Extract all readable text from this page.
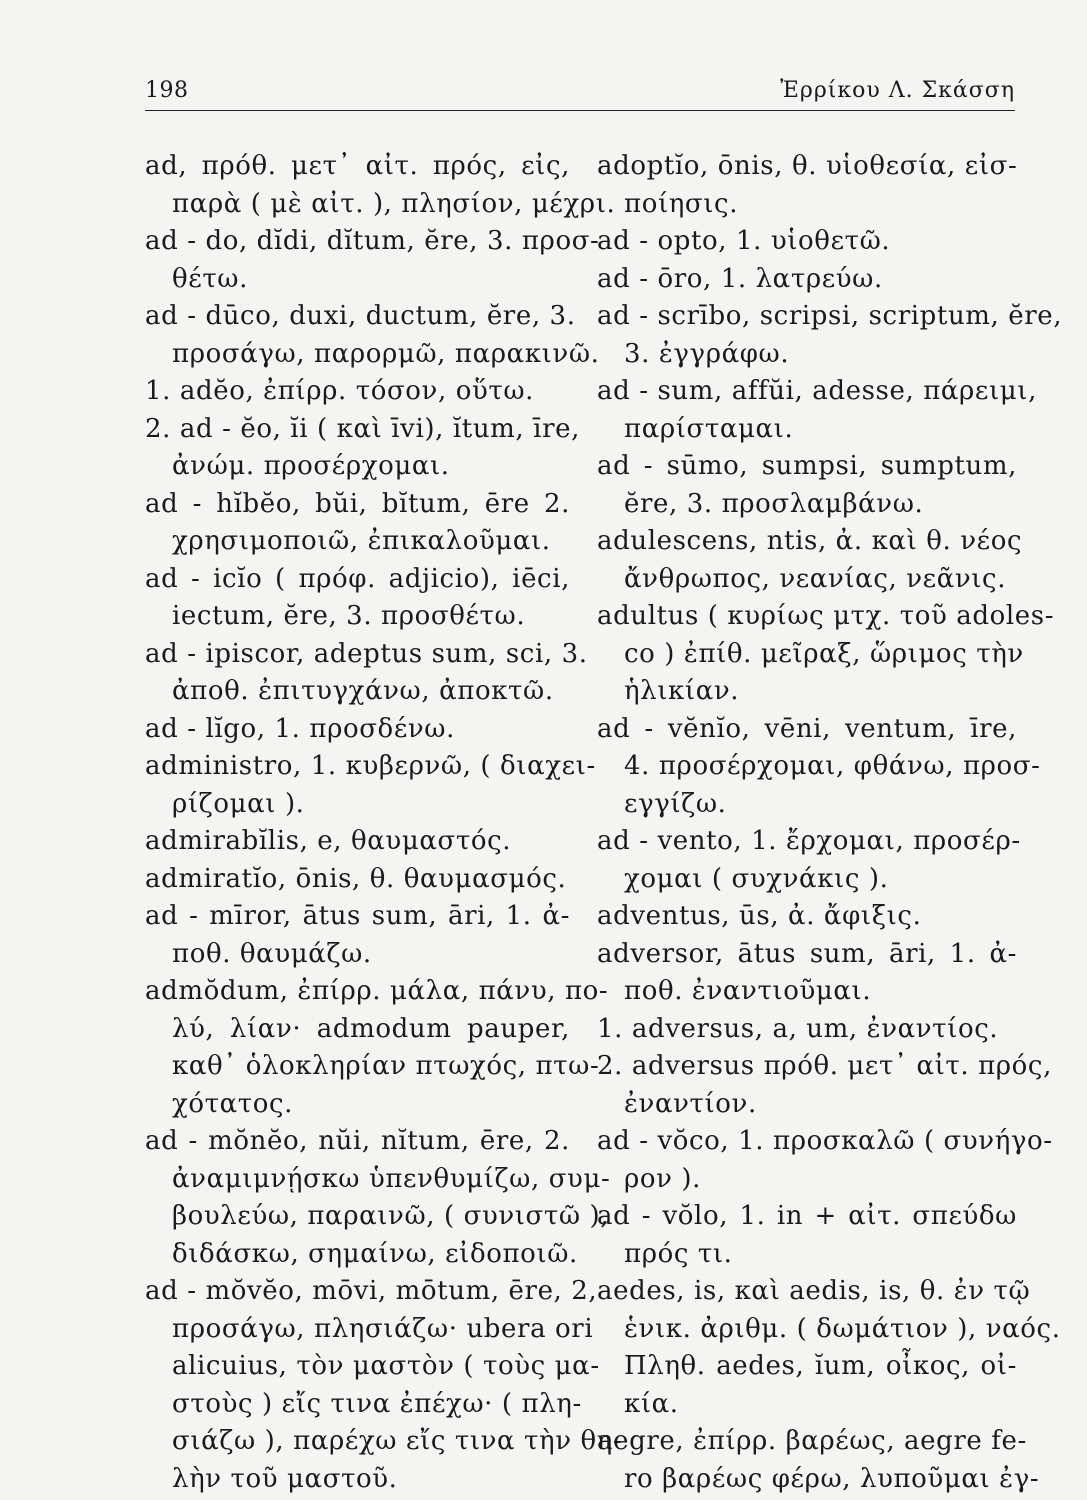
198	Ἐρρίκου Λ. Σκάσση
ad, πρόθ. μετ᾿ αἰτ. πρός, εἰς,
παρὰ ( μὲ αἰτ. ), πλησίον, μέχρι.
ad - do, dĭdi, dĭtum, ĕre, 3. προσ-
θέτω.
ad - dūco, duxi, ductum, ĕre, 3.
προσάγω, παρορμῶ, παρακινῶ.
1. adĕo, ἐπίρρ. τόσον, οὕτω.
2. ad - ĕo, ĭi ( καὶ īvi), ĭtum, īre,
ἀνώμ. προσέρχομαι.
ad - hĭbĕo, bŭi, bĭtum, ēre 2.
χρησιμοποιῶ, ἐπικαλοῦμαι.
ad - icĭo ( πρόφ. adjicio), iēci,
iectum, ĕre, 3. προσθέτω.
ad - ipiscor, adeptus sum, sci, 3.
ἀποθ. ἐπιτυγχάνω, ἀποκτῶ.
ad - lĭgo, 1. προσδένω.
administro, 1. κυβερνῶ, ( διαχει-
ρίζομαι ).
admirabĭlis, e, θαυμαστός.
admiratĭo, ōnis, θ. θαυμασμός.
ad - mīror, ātus sum, āri, 1. ἀ-
ποθ. θαυμάζω.
admŏdum, ἐπίρρ. μάλα, πάνυ, πο-
λύ, λίαν· admodum pauper,
καθ᾿ ὁλοκληρίαν πτωχός, πτω-
χότατος.
ad - mŏnĕo, nŭi, nĭtum, ēre, 2.
ἀναμιμνῄσκω ὑπενθυμίζω, συμ-
βουλεύω, παραινῶ, ( συνιστῶ ),
διδάσκω, σημαίνω, εἰδοποιῶ.
ad - mŏvĕo, mōvi, mōtum, ēre, 2,
προσάγω, πλησιάζω· ubera ori
alicuius, τὸν μαστὸν ( τοὺς μα-
στοὺς ) εἴς τινα ἐπέχω· ( πλη-
σιάζω ), παρέχω εἴς τινα τὴν θη-
λὴν τοῦ μαστοῦ.
adoptĭo, ōnis, θ. υἱοθεσία, εἰσ-
ποίησις.
ad - opto, 1. υἱοθετῶ.
ad - ōro, 1. λατρεύω.
ad - scrībo, scripsi, scriptum, ĕre,
3. ἐγγράφω.
ad - sum, affŭi, adesse, πάρειμι,
παρίσταμαι.
ad - sūmo, sumpsi, sumptum,
ĕre, 3. προσλαμβάνω.
adulescens, ntis, ἀ. καὶ θ. νέος
ἄνθρωπος, νεανίας, νεᾶνις.
adultus ( κυρίως μτχ. τοῦ adoles-
co ) ἐπίθ. μεῖραξ, ὥριμος τὴν
ἡλικίαν.
ad - vĕnĭo, vēni, ventum, īre,
4. προσέρχομαι, φθάνω, προσ-
εγγίζω.
ad - vento, 1. ἔρχομαι, προσέρ-
χομαι ( συχνάκις ).
adventus, ūs, ἀ. ἄφιξις.
adversor, ātus sum, āri, 1. ἀ-
ποθ. ἐναντιοῦμαι.
1. adversus, a, um, ἐναντίος.
2. adversus πρόθ. μετ᾿ αἰτ. πρός,
ἐναντίον.
ad - vŏco, 1. προσκαλῶ ( συνήγο-
ρον ).
ad - vŏlo, 1. in + αἰτ. σπεύδω
πρός τι.
aedes, is, καὶ aedis, is, θ. ἐν τῷ
ἑνικ. ἀριθμ. ( δωμάτιον ), ναός.
Πληθ. aedes, ĭum, οἶκος, οἰ-
κία.
aegre, ἐπίρρ. βαρέως, aegre fe-
ro βαρέως φέρω, λυποῦμαι ἐγ-
